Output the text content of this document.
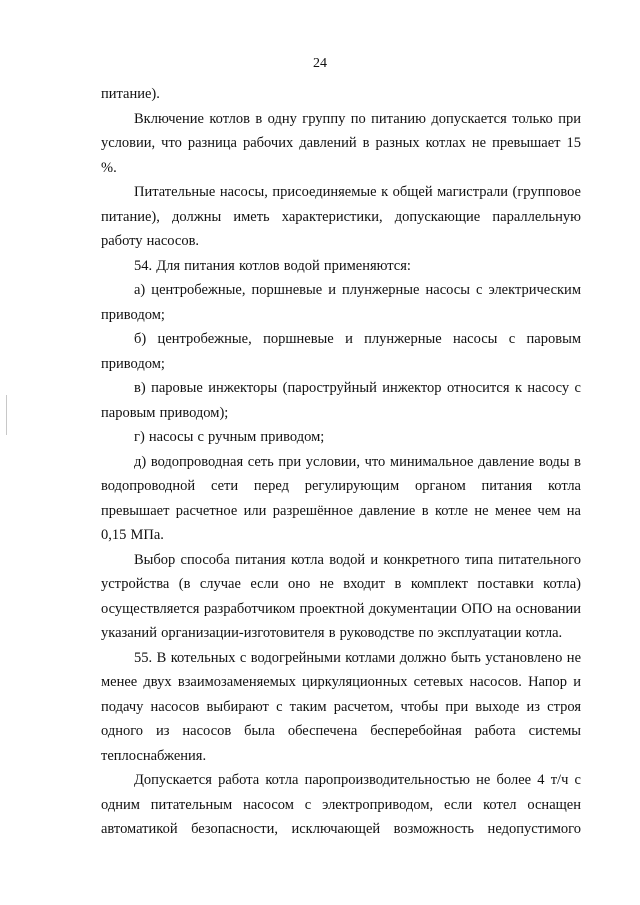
24

питание).

Включение котлов в одну группу по питанию допускается только при условии, что разница рабочих давлений в разных котлах не превышает 15 %.

Питательные насосы, присоединяемые к общей магистрали (групповое питание), должны иметь характеристики, допускающие параллельную работу насосов.

54. Для питания котлов водой применяются:

а) центробежные, поршневые и плунжерные насосы с электрическим приводом;

б) центробежные, поршневые и плунжерные насосы с паровым приводом;

в) паровые инжекторы (пароструйный инжектор относится к насосу с паровым приводом);

г) насосы с ручным приводом;

д) водопроводная сеть при условии, что минимальное давление воды в водопроводной сети перед регулирующим органом питания котла превышает расчетное или разрешённое давление в котле не менее чем на 0,15 МПа.

Выбор способа питания котла водой и конкретного типа питательного устройства (в случае если оно не входит в комплект поставки котла) осуществляется разработчиком проектной документации ОПО на основании указаний организации-изготовителя в руководстве по эксплуатации котла.

55. В котельных с водогрейными котлами должно быть установлено не менее двух взаимозаменяемых циркуляционных сетевых насосов. Напор и подачу насосов выбирают с таким расчетом, чтобы при выходе из строя одного из насосов была обеспечена бесперебойная работа системы теплоснабжения.

Допускается работа котла паропроизводительностью не более 4 т/ч с одним питательным насосом с электроприводом, если котел оснащен автоматикой безопасности, исключающей возможность недопустимого
